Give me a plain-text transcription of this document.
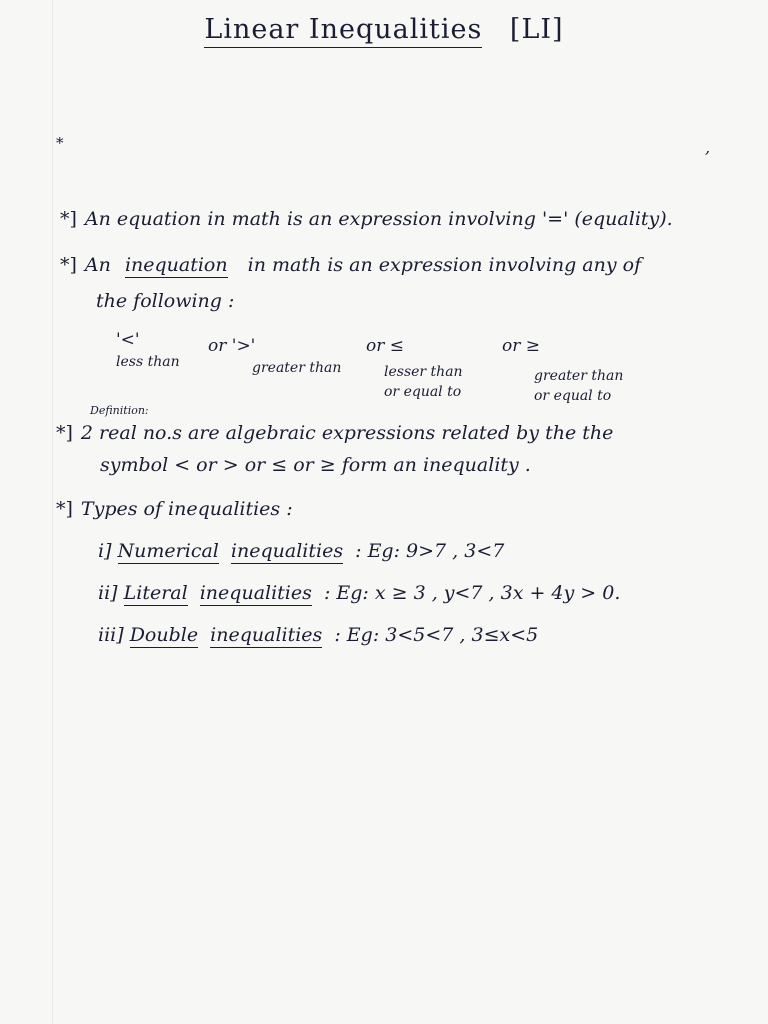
Linear Inequalities [LI]
*	,
*] An equation in math is an expression involving '=' (equality).
*] An inequation in math is an expression involving any of
the following :
'<'
less than
or '>'
greater than
or ≤
lesser than or equal to
or ≥
greater than or equal to
Definition:
*] 2 real no.s are algebraic expressions related by the the
symbol < or > or ≤ or ≥ form an inequality .
*] Types of inequalities :
i] Numerical inequalities : Eg: 9>7 , 3<7
ii] Literal inequalities : Eg: x ≥ 3 , y<7 , 3x + 4y > 0.
iii] Double inequalities : Eg: 3<5<7 , 3≤x<5
